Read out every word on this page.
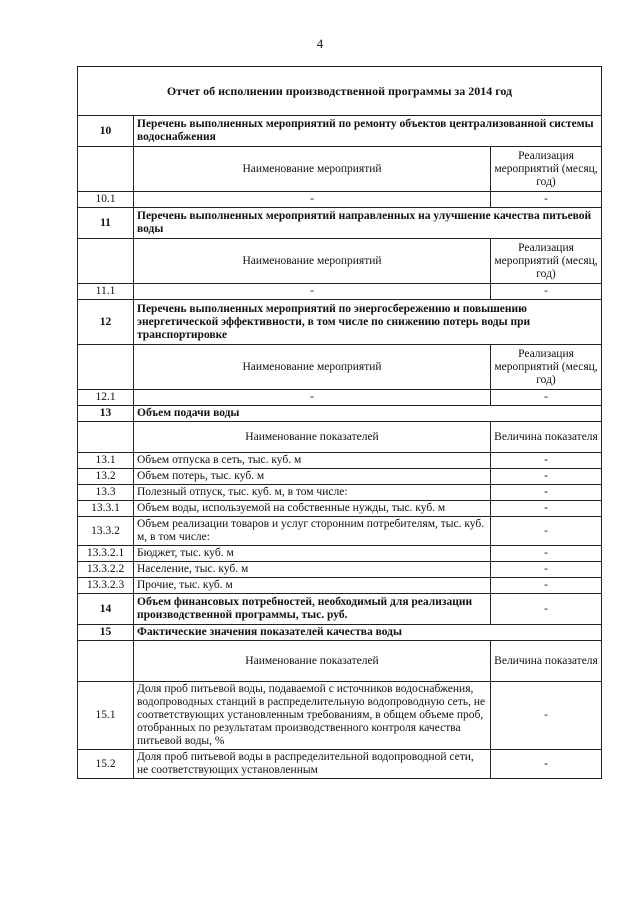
4
Отчет об исполнении производственной программы за 2014 год		
10	Перечень выполненных мероприятий по ремонту объектов централизованной системы водоснабжения	
	Наименование мероприятий	Реализация мероприятий (месяц, год)
10.1	-	-
11	Перечень выполненных мероприятий направленных на улучшение качества питьевой воды	
	Наименование мероприятий	Реализация мероприятий (месяц, год)
11.1	-	-
12	Перечень выполненных мероприятий по энергосбережению и повышению энергетической эффективности, в том числе по снижению потерь воды при транспортировке	
	Наименование мероприятий	Реализация мероприятий (месяц, год)
12.1	-	-
13	Объем подачи воды	
	Наименование показателей	Величина показателя
13.1	Объем отпуска в сеть, тыс. куб. м	-
13.2	Объем потерь, тыс. куб. м	-
13.3	Полезный отпуск, тыс. куб. м, в том числе:	-
13.3.1	Объем воды, используемой на собственные нужды, тыс. куб. м	-
13.3.2	Объем реализации товаров и услуг сторонним потребителям, тыс. куб. м, в том числе:	-
13.3.2.1	Бюджет, тыс. куб. м	-
13.3.2.2	Население, тыс. куб. м	-
13.3.2.3	Прочие, тыс. куб. м	-
14	Объем финансовых потребностей, необходимый для реализации производственной программы, тыс. руб.	-
15	Фактические значения показателей качества воды	
	Наименование показателей	Величина показателя
15.1	Доля проб питьевой воды, подаваемой с источников водоснабжения, водопроводных станций в распределительную водопроводную сеть, не соответствующих установленным требованиям, в общем объеме проб, отобранных по результатам производственного контроля качества питьевой воды, %	-
15.2	Доля проб питьевой воды в распределительной водопроводной сети, не соответствующих установленным	-
